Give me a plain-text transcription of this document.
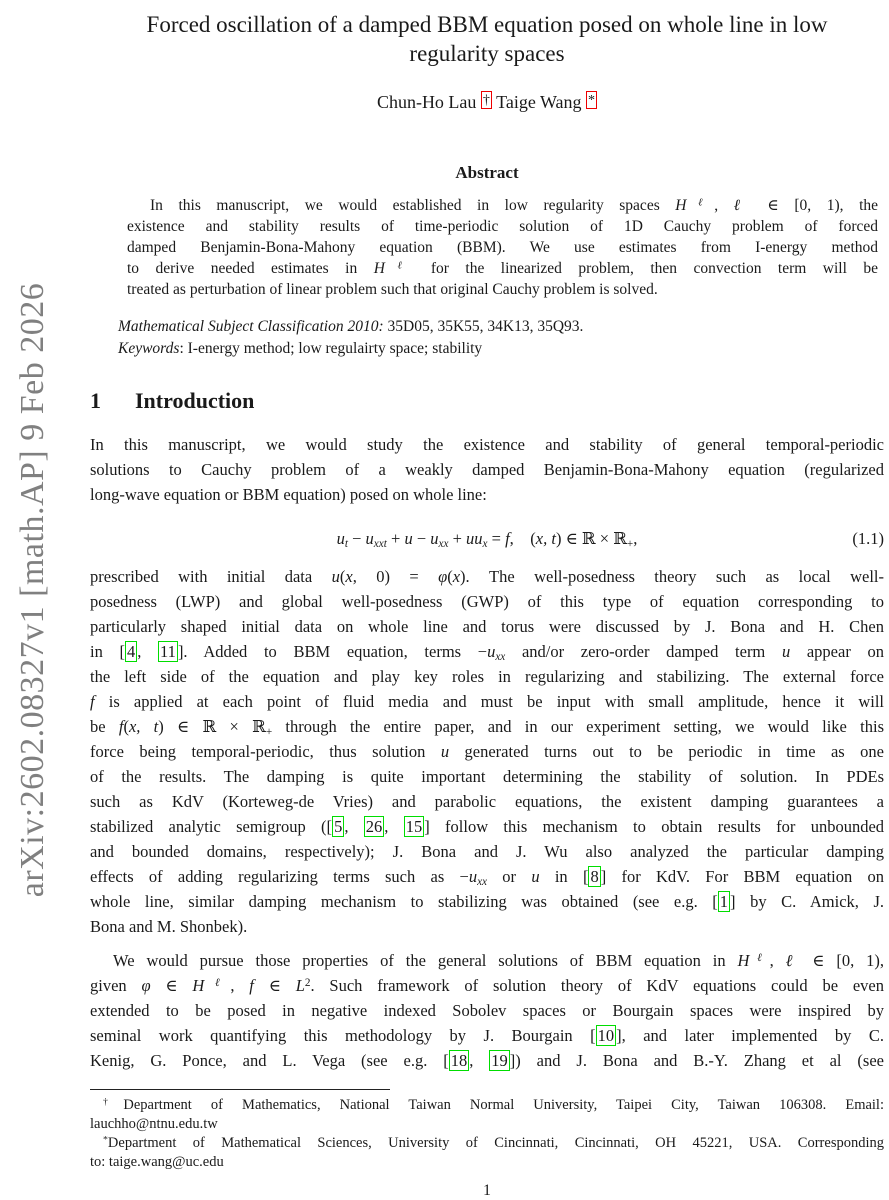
arXiv:2602.08327v1 [math.AP] 9 Feb 2026
Forced oscillation of a damped BBM equation posed on whole line in low
regularity spaces
Chun-Ho Lau † Taige Wang *
Abstract
In this manuscript, we would established in low regularity spaces $H^\ell$, ℓ ∈ [0, 1), the
existence and stability results of time-periodic solution of 1D Cauchy problem of forced
damped Benjamin-Bona-Mahony equation (BBM). We use estimates from I-energy method
to derive needed estimates in $H^\ell$ for the linearized problem, then convection term will be
treated as perturbation of linear problem such that original Cauchy problem is solved.
Mathematical Subject Classification 2010: 35D05, 35K55, 34K13, 35Q93.
Keywords: I-energy method; low regulairty space; stability
1 Introduction
In this manuscript, we would study the existence and stability of general temporal-periodic
solutions to Cauchy problem of a weakly damped Benjamin-Bona-Mahony equation (regularized
long-wave equation or BBM equation) posed on whole line:
$u_t - u_{xxt} + u - u_{xx} + uu_x = f$,    (x, t) ∈ ℝ × ℝ$_+$,	(1.1)
prescribed with initial data u(x, 0) = φ(x). The well-posedness theory such as local well-
posedness (LWP) and global well-posedness (GWP) of this type of equation corresponding to
particularly shaped initial data on whole line and torus were discussed by J. Bona and H. Chen
in [ 4 , 11 ]. Added to BBM equation, terms $-u_{xx}$ and/or zero-order damped term u appear on
the left side of the equation and play key roles in regularizing and stabilizing. The external force
f is applied at each point of fluid media and must be input with small amplitude, hence it will
be f(x, t) ∈ ℝ × ℝ$_+$ through the entire paper, and in our experiment setting, we would like this
force being temporal-periodic, thus solution u generated turns out to be periodic in time as one
of the results. The damping is quite important determining the stability of solution. In PDEs
such as KdV (Korteweg-de Vries) and parabolic equations, the existent damping guarantees a
stabilized analytic semigroup ([ 5 , 26 , 15 ] follow this mechanism to obtain results for unbounded
and bounded domains, respectively); J. Bona and J. Wu also analyzed the particular damping
effects of adding regularizing terms such as $-u_{xx}$ or u in [ 8 ] for KdV. For BBM equation on
whole line, similar damping mechanism to stabilizing was obtained (see e.g. [ 1 ] by C. Amick, J.
Bona and M. Shonbek).
We would pursue those properties of the general solutions of BBM equation in $H^\ell$, ℓ ∈ [0, 1),
given φ ∈ $H^\ell$, f ∈ $L^2$. Such framework of solution theory of KdV equations could be even
extended to be posed in negative indexed Sobolev spaces or Bourgain spaces were inspired by
seminal work quantifying this methodology by J. Bourgain [ 10 ], and later implemented by C.
Kenig, G. Ponce, and L. Vega (see e.g. [ 18 , 19 ]) and J. Bona and B.-Y. Zhang et al (see
†Department of Mathematics, National Taiwan Normal University, Taipei City, Taiwan 106308. Email:
lauchho@ntnu.edu.tw
*Department of Mathematical Sciences, University of Cincinnati, Cincinnati, OH 45221, USA. Corresponding
to: taige.wang@uc.edu
1
